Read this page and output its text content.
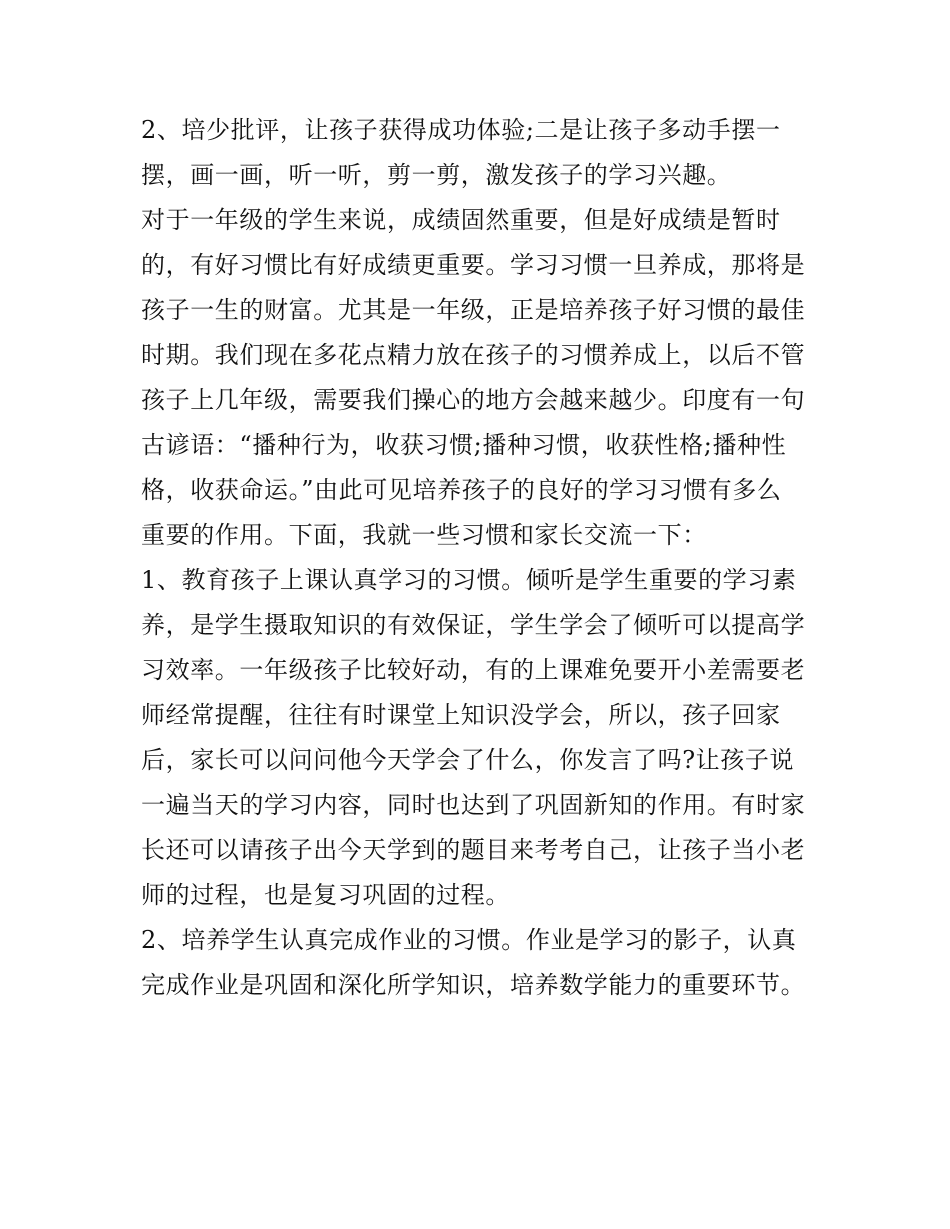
2、培少批评，让孩子获得成功体验;二是让孩子多动手摆一
摆，画一画，听一听，剪一剪，激发孩子的学习兴趣。
对于一年级的学生来说，成绩固然重要，但是好成绩是暂时
的，有好习惯比有好成绩更重要。学习习惯一旦养成，那将是
孩子一生的财富。尤其是一年级，正是培养孩子好习惯的最佳
时期。我们现在多花点精力放在孩子的习惯养成上，以后不管
孩子上几年级，需要我们操心的地方会越来越少。印度有一句
古谚语：“播种行为，收获习惯;播种习惯，收获性格;播种性
格，收获命运。”由此可见培养孩子的良好的学习习惯有多么
重要的作用。下面，我就一些习惯和家长交流一下：
1、教育孩子上课认真学习的习惯。倾听是学生重要的学习素
养，是学生摄取知识的有效保证，学生学会了倾听可以提高学
习效率。一年级孩子比较好动，有的上课难免要开小差需要老
师经常提醒，往往有时课堂上知识没学会，所以，孩子回家
后，家长可以问问他今天学会了什么，你发言了吗?让孩子说
一遍当天的学习内容，同时也达到了巩固新知的作用。有时家
长还可以请孩子出今天学到的题目来考考自己，让孩子当小老
师的过程，也是复习巩固的过程。
2、培养学生认真完成作业的习惯。作业是学习的影子，认真
完成作业是巩固和深化所学知识，培养数学能力的重要环节。
